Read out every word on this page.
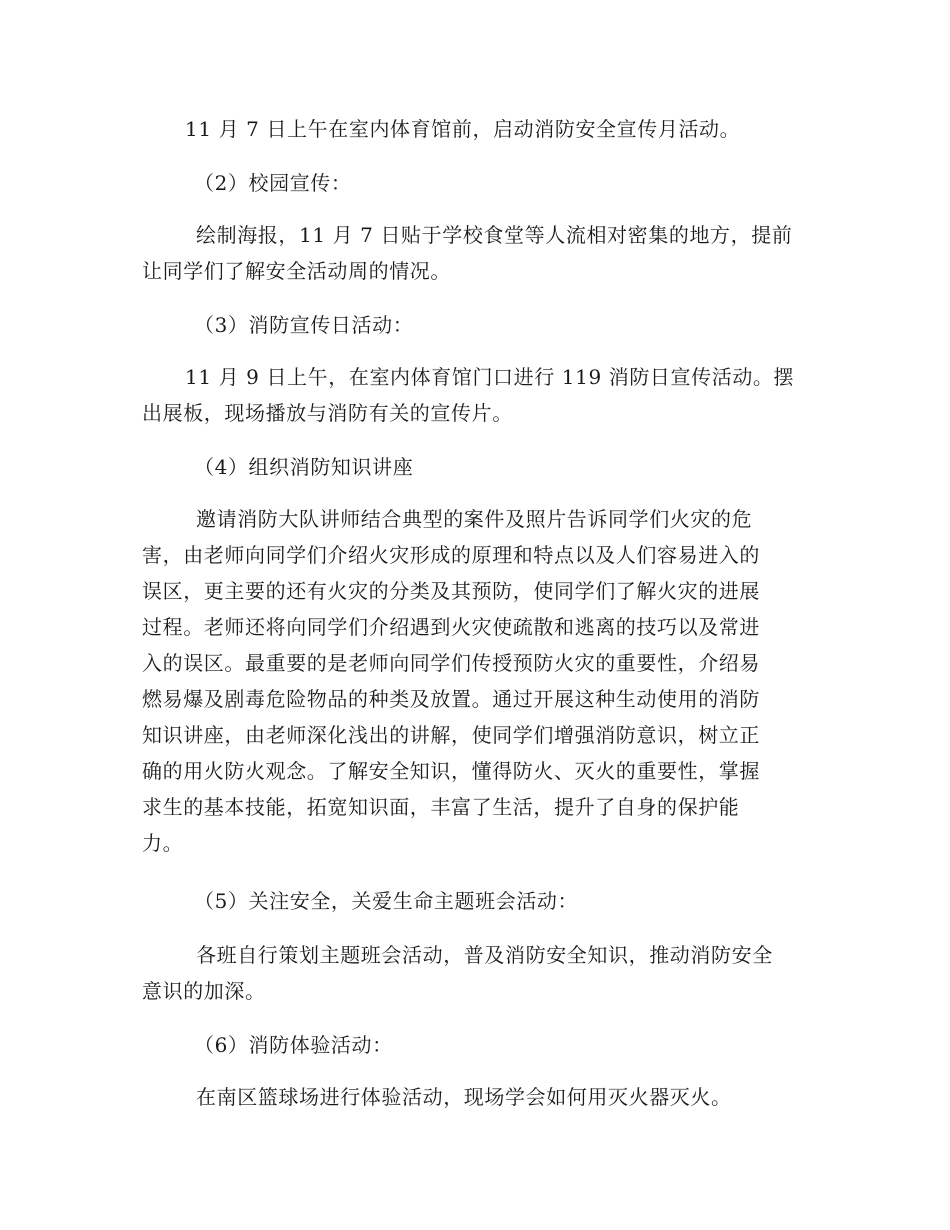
11 月 7 日上午在室内体育馆前，启动消防安全宣传月活动。
（2）校园宣传：
绘制海报，11 月 7 日贴于学校食堂等人流相对密集的地方，提前
让同学们了解安全活动周的情况。
（3）消防宣传日活动：
11 月 9 日上午，在室内体育馆门口进行 119 消防日宣传活动。摆
出展板，现场播放与消防有关的宣传片。
（4）组织消防知识讲座
邀请消防大队讲师结合典型的案件及照片告诉同学们火灾的危
害，由老师向同学们介绍火灾形成的原理和特点以及人们容易进入的
误区，更主要的还有火灾的分类及其预防，使同学们了解火灾的进展
过程。老师还将向同学们介绍遇到火灾使疏散和逃离的技巧以及常进
入的误区。最重要的是老师向同学们传授预防火灾的重要性，介绍易
燃易爆及剧毒危险物品的种类及放置。通过开展这种生动使用的消防
知识讲座，由老师深化浅出的讲解，使同学们增强消防意识，树立正
确的用火防火观念。了解安全知识，懂得防火、灭火的重要性，掌握
求生的基本技能，拓宽知识面，丰富了生活，提升了自身的保护能
力。
（5）关注安全，关爱生命主题班会活动：
各班自行策划主题班会活动，普及消防安全知识，推动消防安全
意识的加深。
（6）消防体验活动：
在南区篮球场进行体验活动，现场学会如何用灭火器灭火。
